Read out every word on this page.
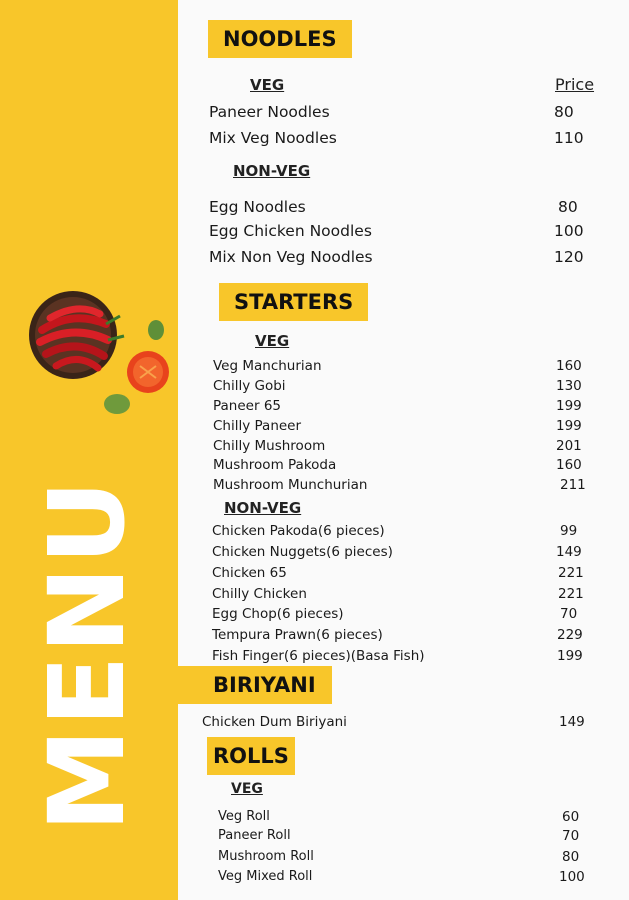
MENU
NOODLES
VEG	Price
Paneer Noodles	80
Mix Veg Noodles	110
NON-VEG
Egg Noodles	80
Egg Chicken Noodles	100
Mix Non Veg Noodles	120
STARTERS
VEG
Veg Manchurian	160
Chilly Gobi	130
Paneer 65	199
Chilly Paneer	199
Chilly Mushroom	201
Mushroom Pakoda	160
Mushroom Munchurian	211
NON-VEG
Chicken Pakoda(6 pieces)	99
Chicken Nuggets(6 pieces)	149
Chicken 65	221
Chilly Chicken	221
Egg Chop(6 pieces)	70
Tempura Prawn(6 pieces)	229
Fish Finger(6 pieces)(Basa Fish)	199
BIRIYANI
Chicken Dum Biriyani	149
ROLLS
VEG
Veg Roll	60
Paneer Roll	70
Mushroom Roll	80
Veg Mixed Roll	100
